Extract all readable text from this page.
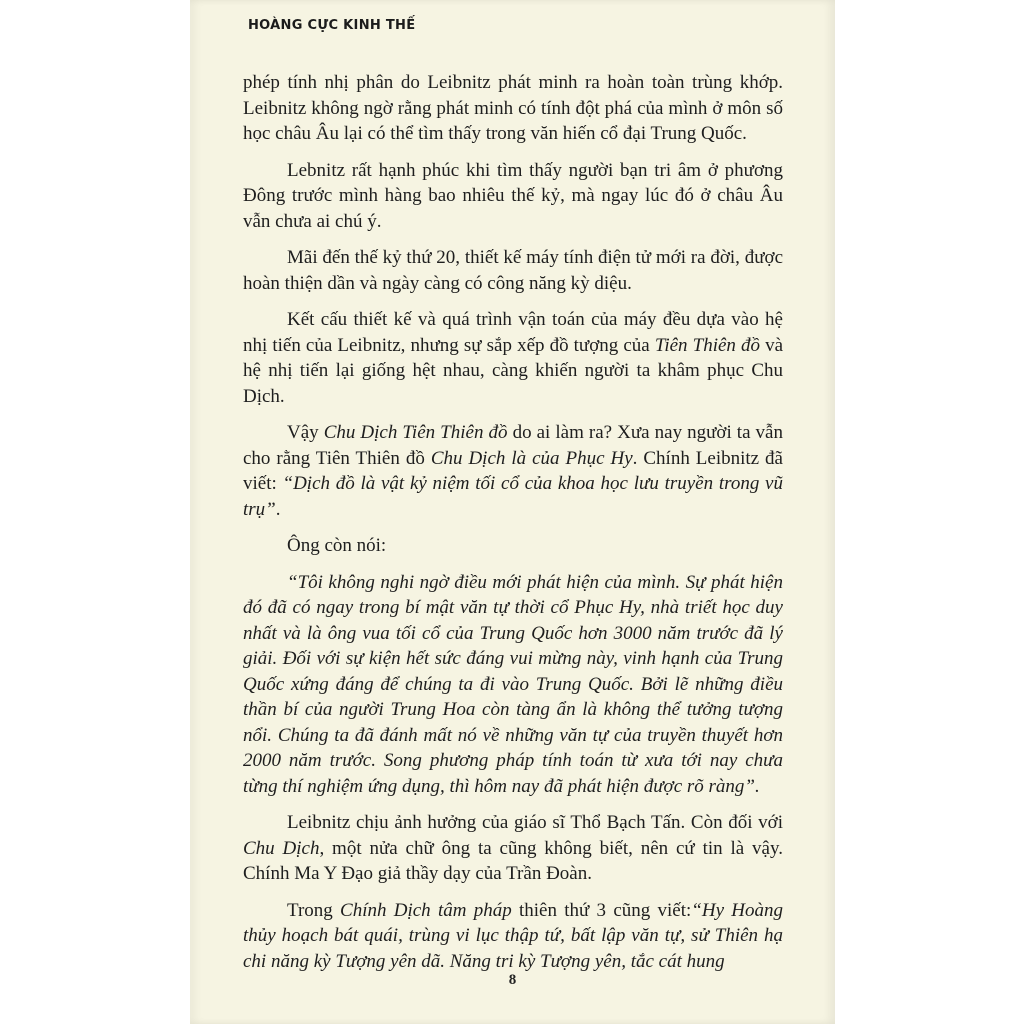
HOÀNG CỰC KINH THẾ

phép tính nhị phân do Leibnitz phát minh ra hoàn toàn trùng khớp. Leibnitz không ngờ rằng phát minh có tính đột phá của mình ở môn số học châu Âu lại có thể tìm thấy trong văn hiến cổ đại Trung Quốc.

Lebnitz rất hạnh phúc khi tìm thấy người bạn tri âm ở phương Đông trước mình hàng bao nhiêu thế kỷ, mà ngay lúc đó ở châu Âu vẫn chưa ai chú ý.

Mãi đến thế kỷ thứ 20, thiết kế máy tính điện tử mới ra đời, được hoàn thiện dần và ngày càng có công năng kỳ diệu.

Kết cấu thiết kế và quá trình vận toán của máy đều dựa vào hệ nhị tiến của Leibnitz, nhưng sự sắp xếp đồ tượng của Tiên Thiên đồ và hệ nhị tiến lại giống hệt nhau, càng khiến người ta khâm phục Chu Dịch.

Vậy Chu Dịch Tiên Thiên đồ do ai làm ra? Xưa nay người ta vẫn cho rằng Tiên Thiên đồ Chu Dịch là của Phục Hy. Chính Leibnitz đã viết: “Dịch đồ là vật kỷ niệm tối cổ của khoa học lưu truyền trong vũ trụ”.

Ông còn nói:

“Tôi không nghi ngờ điều mới phát hiện của mình. Sự phát hiện đó đã có ngay trong bí mật văn tự thời cổ Phục Hy, nhà triết học duy nhất và là ông vua tối cổ của Trung Quốc hơn 3000 năm trước đã lý giải. Đối với sự kiện hết sức đáng vui mừng này, vinh hạnh của Trung Quốc xứng đáng để chúng ta đi vào Trung Quốc. Bởi lẽ những điều thần bí của người Trung Hoa còn tàng ẩn là không thể tưởng tượng nổi. Chúng ta đã đánh mất nó về những văn tự của truyền thuyết hơn 2000 năm trước. Song phương pháp tính toán từ xưa tới nay chưa từng thí nghiệm ứng dụng, thì hôm nay đã phát hiện được rõ ràng”.

Leibnitz chịu ảnh hưởng của giáo sĩ Thổ Bạch Tấn. Còn đối với Chu Dịch, một nửa chữ ông ta cũng không biết, nên cứ tin là vậy. Chính Ma Y Đạo giả thầy dạy của Trần Đoàn.

Trong Chính Dịch tâm pháp thiên thứ 3 cũng viết:“Hy Hoàng thủy hoạch bát quái, trùng vi lục thập tứ, bất lập văn tự, sử Thiên hạ chi năng kỳ Tượng yên dã. Năng tri kỳ Tượng yên, tắc cát hung

8
